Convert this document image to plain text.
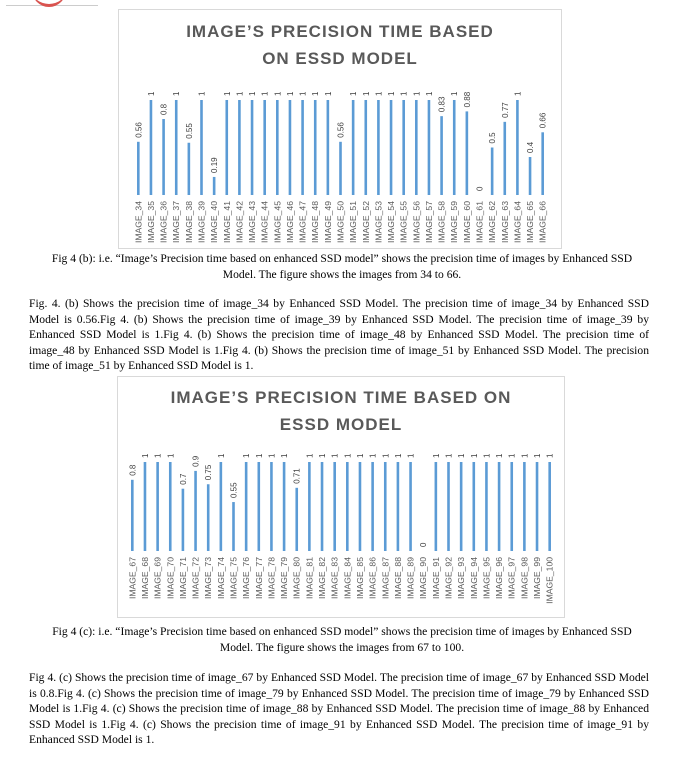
IMAGE’S PRECISION TIME BASED
ON ESSD MODEL
0.56
IMAGE_34
1
IMAGE_35
0.8
IMAGE_36
1
IMAGE_37
0.55
IMAGE_38
1
IMAGE_39
0.19
IMAGE_40
1
IMAGE_41
1
IMAGE_42
1
IMAGE_43
1
IMAGE_44
1
IMAGE_45
1
IMAGE_46
1
IMAGE_47
1
IMAGE_48
1
IMAGE_49
0.56
IMAGE_50
1
IMAGE_51
1
IMAGE_52
1
IMAGE_53
1
IMAGE_54
1
IMAGE_55
1
IMAGE_56
1
IMAGE_57
0.83
IMAGE_58
1
IMAGE_59
0.88
IMAGE_60
0
IMAGE_61
0.5
IMAGE_62
0.77
IMAGE_63
1
IMAGE_64
0.4
IMAGE_65
0.66
IMAGE_66
Fig 4 (b): i.e. “Image’s Precision time based on enhanced SSD model” shows the precision time of images by Enhanced SSD Model. The figure shows the images from 34 to 66.
Fig. 4. (b) Shows the precision time of image_34 by Enhanced SSD Model. The precision time of image_34 by Enhanced SSD Model is 0.56.Fig 4. (b) Shows the precision time of image_39 by Enhanced SSD Model. The precision time of image_39 by Enhanced SSD Model is 1.Fig 4. (b) Shows the precision time of image_48 by Enhanced SSD Model. The precision time of image_48 by Enhanced SSD Model is 1.Fig 4. (b) Shows the precision time of image_51 by Enhanced SSD Model. The precision time of image_51 by Enhanced SSD Model is 1.
IMAGE’S PRECISION TIME BASED ON
ESSD MODEL
0.8
IMAGE_67
1
IMAGE_68
1
IMAGE_69
1
IMAGE_70
0.7
IMAGE_71
0.9
IMAGE_72
0.75
IMAGE_73
1
IMAGE_74
0.55
IMAGE_75
1
IMAGE_76
1
IMAGE_77
1
IMAGE_78
1
IMAGE_79
0.71
IMAGE_80
1
IMAGE_81
1
IMAGE_82
1
IMAGE_83
1
IMAGE_84
1
IMAGE_85
1
IMAGE_86
1
IMAGE_87
1
IMAGE_88
1
IMAGE_89
0
IMAGE_90
1
IMAGE_91
1
IMAGE_92
1
IMAGE_93
1
IMAGE_94
1
IMAGE_95
1
IMAGE_96
1
IMAGE_97
1
IMAGE_98
1
IMAGE_99
1
IMAGE_100
Fig 4 (c): i.e. “Image’s Precision time based on enhanced SSD model” shows the precision time of images by Enhanced SSD Model. The figure shows the images from 67 to 100.
Fig 4. (c) Shows the precision time of image_67 by Enhanced SSD Model. The precision time of image_67 by Enhanced SSD Model is 0.8.Fig 4. (c) Shows the precision time of image_79 by Enhanced SSD Model. The precision time of image_79 by Enhanced SSD Model is 1.Fig 4. (c) Shows the precision time of image_88 by Enhanced SSD Model. The precision time of image_88 by Enhanced SSD Model is 1.Fig 4. (c) Shows the precision time of image_91 by Enhanced SSD Model. The precision time of image_91 by Enhanced SSD Model is 1.
